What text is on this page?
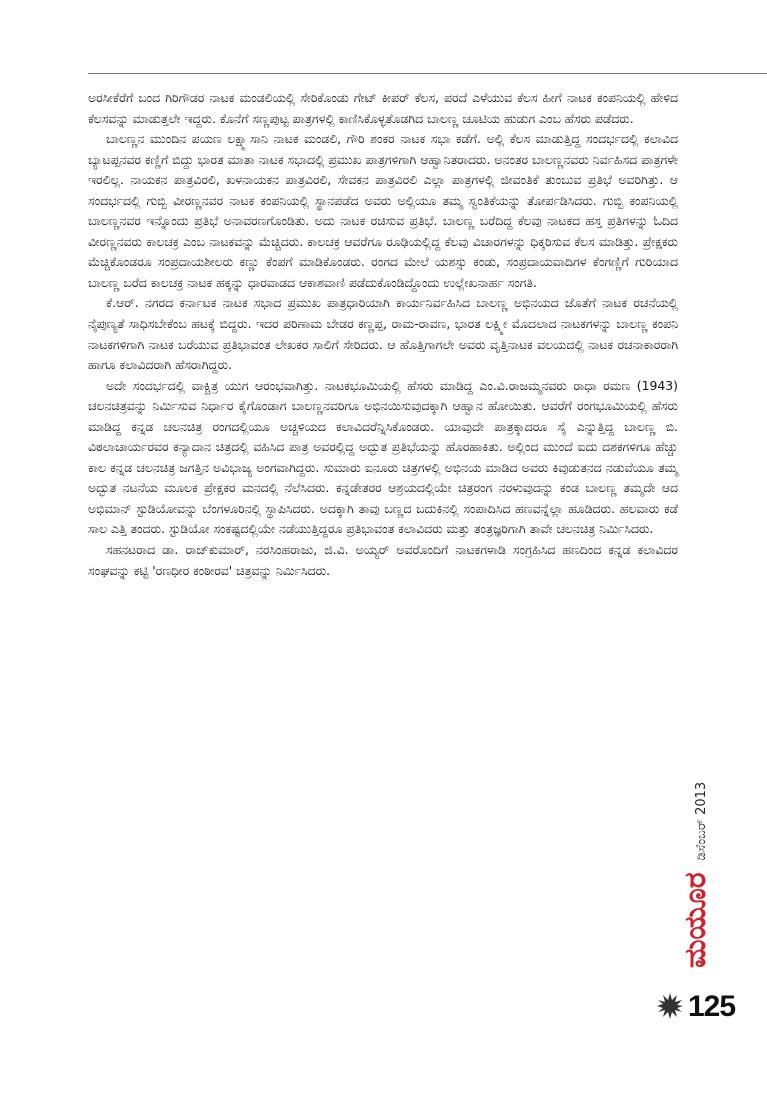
ಅರಸೀಕೆರೆಗೆ ಬಂದ ಗಿರಿಗೌಡರ ನಾಟಕ ಮಂಡಲಿಯಲ್ಲಿ ಸೇರಿಕೊಂಡು ಗೇಟ್ ಕೀಪರ್ ಕೆಲಸ, ಪರದೆ ಎಳೆಯುವ ಕೆಲಸ ಹೀಗೆ ನಾಟಕ ಕಂಪನಿಯಲ್ಲಿ ಹೇಳಿದ ಕೆಲಸವನ್ನು ಮಾಡುತ್ತಲೇ ಇದ್ದರು. ಕೊನೆಗೆ ಸಣ್ಣಪುಟ್ಟ ಪಾತ್ರಗಳಲ್ಲಿ ಕಾಣಿಸಿಕೊಳ್ಳತೊಡಗಿದ ಬಾಲಣ್ಣ ಚೂಟಿಯ ಹುಡುಗ ಎಂಬ ಹೆಸರು ಪಡೆದರು.

ಬಾಲಣ್ಣನ ಮುಂದಿನ ಪಯಣ ಲಕ್ಷ್ಮಾಸಾನಿ ನಾಟಕ ಮಂಡಲಿ, ಗೌರಿ ಶಂಕರ ನಾಟಕ ಸಭಾ ಕಡೆಗೆ. ಅಲ್ಲಿ ಕೆಲಸ ಮಾಡುತ್ತಿದ್ದ ಸಂದರ್ಭದಲ್ಲಿ ಕಲಾವಿದ ಬ್ಯಾಟಪ್ಪನವರ ಕಣ್ಣಿಗೆ ಬಿದ್ದು ಭಾರತ ಮಾತಾ ನಾಟಕ ಸಭಾದಲ್ಲಿ ಪ್ರಮುಖ ಪಾತ್ರಗಳಿಗಾಗಿ ಆಹ್ವಾನಿತರಾದರು. ಅನಂತರ ಬಾಲಣ್ಣನವರು ನಿರ್ವಹಿಸದ ಪಾತ್ರಗಳೇ ಇರಲಿಲ್ಲ. ನಾಯಕನ ಪಾತ್ರವಿರಲಿ, ಖಳನಾಯಕನ ಪಾತ್ರವಿರಲಿ, ಸೇವಕನ ಪಾತ್ರವಿರಲಿ ಎಲ್ಲಾ ಪಾತ್ರಗಳಲ್ಲಿ ಜೀವಂತಿಕೆ ತುಂಬುವ ಪ್ರತಿಭೆ ಅವರಿಗಿತ್ತು. ಆ ಸಂದರ್ಭದಲ್ಲಿ ಗುಬ್ಬಿ ವೀರಣ್ಣನವರ ನಾಟಕ ಕಂಪನಿಯಲ್ಲಿ ಸ್ಥಾನಪಡೆದ ಅವರು ಅಲ್ಲಿಯೂ ತಮ್ಮ ಸ್ವಂತಿಕೆಯನ್ನು ತೋರ್ಪಡಿಸಿದರು. ಗುಬ್ಬಿ ಕಂಪನಿಯಲ್ಲಿ ಬಾಲಣ್ಣನವರ ಇನ್ನೊಂದು ಪ್ರತಿಭೆ ಅನಾವರಣಗೊಂಡಿತು. ಅದು ನಾಟಕ ರಚಿಸುವ ಪ್ರತಿಭೆ. ಬಾಲಣ್ಣ ಬರೆದಿದ್ದ ಕೆಲವು ನಾಟಕದ ಹಸ್ತ ಪ್ರತಿಗಳನ್ನು ಓದಿದ ವೀರಣ್ಣನವರು ಕಾಲಚಕ್ರ ಎಂಬ ನಾಟಕವನ್ನು ಮೆಚ್ಚಿದರು. ಕಾಲಚಕ್ರ ಆವರೆಗೂ ರೂಢಿಯಲ್ಲಿದ್ದ ಕೆಲವು ವಿಚಾರಗಳನ್ನು ಧಿಕ್ಕರಿಸುವ ಕೆಲಸ ಮಾಡಿತ್ತು. ಪ್ರೇಕ್ಷಕರು ಮೆಚ್ಚಿಕೊಂಡರೂ ಸಂಪ್ರದಾಯಶೀಲರು ಕಣ್ಣು ಕೆಂಪಗೆ ಮಾಡಿಕೊಂಡರು. ರಂಗದ ಮೇಲೆ ಯಶಸ್ಸು ಕಂಡು, ಸಂಪ್ರದಾಯವಾದಿಗಳ ಕೆಂಗಣ್ಣಿಗೆ ಗುರಿಯಾದ ಬಾಲಣ್ಣ ಬರೆದ ಕಾಲಚಕ್ರ ನಾಟಕ ಹಕ್ಕನ್ನು ಧಾರವಾಡದ ಆಕಾಶವಾಣಿ ಪಡೆದುಕೊಂಡಿದ್ದೊಂದು ಉಲ್ಲೇಖನಾರ್ಹ ಸಂಗತಿ.

ಕೆ.ಆರ್. ನಗರದ ಕರ್ನಾಟಕ ನಾಟಕ ಸಭಾದ ಪ್ರಮುಖ ಪಾತ್ರಧಾರಿಯಾಗಿ ಕಾರ್ಯನಿರ್ವಹಿಸಿದ ಬಾಲಣ್ಣ ಅಭಿನಯದ ಜೊತೆಗೆ ನಾಟಕ ರಚನೆಯಲ್ಲಿ ನೈಪುಣ್ಯತೆ ಸಾಧಿಸಬೇಕೆಂಬ ಹಟಕ್ಕೆ ಬಿದ್ದರು. ಇದರ ಪರಿಣಾಮ ಬೇಡರ ಕಣ್ಣಪ್ಪ, ರಾಮ-ರಾವಣ, ಭಾರತ ಲಕ್ಷ್ಮೀ ಮೊದಲಾದ ನಾಟಕಗಳನ್ನು ಬಾಲಣ್ಣ ಕಂಪನಿ ನಾಟಕಗಳಿಗಾಗಿ ನಾಟಕ ಬರೆಯುವ ಪ್ರತಿಭಾವಂತ ಲೇಖಕರ ಸಾಲಿಗೆ ಸೇರಿದರು. ಆ ಹೊತ್ತಿಗಾಗಲೇ ಅವರು ವೃತ್ತಿನಾಟಕ ವಲಯದಲ್ಲಿ ನಾಟಕ ರಚನಾಕಾರರಾಗಿ ಹಾಗೂ ಕಲಾವಿದರಾಗಿ ಹೆಸರಾಗಿದ್ದರು.

ಅದೇ ಸಂದರ್ಭದಲ್ಲಿ ವಾಕ್ಚಿತ್ರ ಯುಗ ಆರಂಭವಾಗಿತ್ತು. ನಾಟಕಭೂಮಿಯಲ್ಲಿ ಹೆಸರು ಮಾಡಿದ್ದ ಎಂ.ವಿ.ರಾಜಮ್ಮನವರು ರಾಧಾ ರಮಣ (1943) ಚಲನಚಿತ್ರವನ್ನು ನಿರ್ಮಿಸುವ ನಿರ್ಧಾರ ಕೈಗೊಂಡಾಗ ಬಾಲಣ್ಣನವರಿಗೂ ಅಭಿನಯಿಸುವುದಕ್ಕಾಗಿ ಆಹ್ವಾನ ಹೋಯಿತು. ಆವರೆಗೆ ರಂಗಭೂಮಿಯಲ್ಲಿ ಹೆಸರು ಮಾಡಿದ್ದ ಕನ್ನಡ ಚಲನಚಿತ್ರ ರಂಗದಲ್ಲಿಯೂ ಅಚ್ಚಳಿಯದ ಕಲಾವಿದರೆನ್ನಿಸಿಕೊಂಡರು. ಯಾವುದೇ ಪಾತ್ರಕ್ಕಾದರೂ ಸೈ ಎನ್ನುತ್ತಿದ್ದ ಬಾಲಣ್ಣ ಬಿ. ವಿಠಲಾಚಾರ್ಯರವರ ಕನ್ಯಾದಾನ ಚಿತ್ರದಲ್ಲಿ ವಹಿಸಿದ ಪಾತ್ರ ಅವರಲ್ಲಿದ್ದ ಅದ್ಭುತ ಪ್ರತಿಭೆಯನ್ನು ಹೊರಹಾಕಿತು. ಅಲ್ಲಿಂದ ಮುಂದೆ ಐದು ದಶಕಗಳಿಗೂ ಹೆಚ್ಚು ಕಾಲ ಕನ್ನಡ ಚಲನಚಿತ್ರ ಜಗತ್ತಿನ ಅವಿಭಾಜ್ಯ ಅಂಗವಾಗಿದ್ದರು. ಸುಮಾರು ಐನೂರು ಚಿತ್ರಗಳಲ್ಲಿ ಅಭಿನಯ ಮಾಡಿದ ಅವರು ಕಿವುಡುತನದ ನಡುವೆಯೂ ತಮ್ಮ ಅದ್ಭುತ ನಟನೆಯ ಮೂಲಕ ಪ್ರೇಕ್ಷಕರ ಮನದಲ್ಲಿ ನೆಲೆಸಿದರು. ಕನ್ನಡೇತರರ ಆಶ್ರಯದಲ್ಲಿಯೇ ಚಿತ್ರರಂಗ ನರಳುವುದನ್ನು ಕಂಡ ಬಾಲಣ್ಣ ತಮ್ಮದೇ ಆದ ಅಭಿಮಾನ್ ಸ್ಟುಡಿಯೋವನ್ನು ಬೆಂಗಳೂರಿನಲ್ಲಿ ಸ್ಥಾಪಿಸಿದರು. ಅದಕ್ಕಾಗಿ ತಾವು ಬಣ್ಣದ ಬದುಕಿನಲ್ಲಿ ಸಂಪಾದಿಸಿದ ಹಣವನ್ನೆಲ್ಲಾ ಹೂಡಿದರು. ಹಲವಾರು ಕಡೆ ಸಾಲ ಎತ್ತಿ ತಂದರು. ಸ್ಟುಡಿಯೋ ಸಂಕಷ್ಟದಲ್ಲಿಯೇ ನಡೆಯುತ್ತಿದ್ದರೂ ಪ್ರತಿಭಾವಂತ ಕಲಾವಿದರು ಮತ್ತು ತಂತ್ರಜ್ಞರಿಗಾಗಿ ತಾವೇ ಚಲನಚಿತ್ರ ನಿರ್ಮಿಸಿದರು.

ಸಹನಟರಾದ ಡಾ. ರಾಜ್‌ಕುಮಾರ್, ನರಸಿಂಹರಾಜು, ಜಿ.ವಿ. ಅಯ್ಯರ್ ಅವರೊಂದಿಗೆ ನಾಟಕಗಳಾಡಿ ಸಂಗ್ರಹಿಸಿದ ಹಣದಿಂದ ಕನ್ನಡ ಕಲಾವಿದರ ಸಂಘವನ್ನು ಕಟ್ಟಿ 'ರಣಧೀರ ಕಂಠೀರವ' ಚಿತ್ರವನ್ನು ನಿರ್ಮಿಸಿದರು.

ಮಯೂರ
ಡಿಸೆಂಬರ್ 2013
125
